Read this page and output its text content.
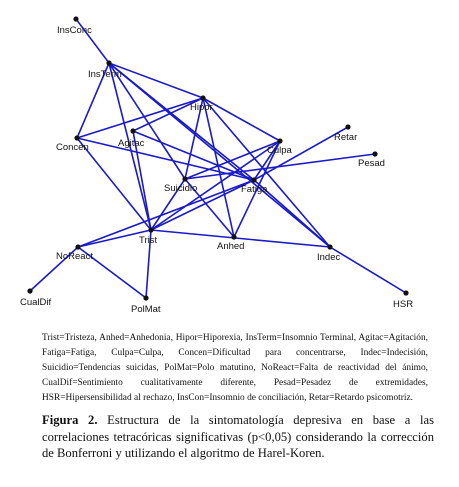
InsConc
InsTerm
Hipor
Agitac
Concen	Culpa
Retar
Pesad
Suicidio	Fatiga
Trist
Anhed
NoReact	Indec
CualDif
PolMat	HSR
Trist=Tristeza, Anhed=Anhedonia, Hipor=Hiporexia, InsTerm=Insomnio Terminal, Agitac=Agitación, Fatiga=Fatiga, Culpa=Culpa, Concen=Dificultad para concentrarse, Indec=Indecisión, Suicidio=Tendencias suicidas, PolMat=Polo matutino, NoReact=Falta de reactividad del ánimo, CualDif=Sentimiento cualitativamente diferente, Pesad=Pesadez de extremidades, HSR=Hipersensibilidad al rechazo, InsCon=Insomnio de conciliación, Retar=Retardo psicomotriz.
Figura 2. Estructura de la sintomatología depresiva en base a las correlaciones tetracóricas significativas (p<0,05) considerando la corrección de Bonferroni y utilizando el algoritmo de Harel-Koren.
